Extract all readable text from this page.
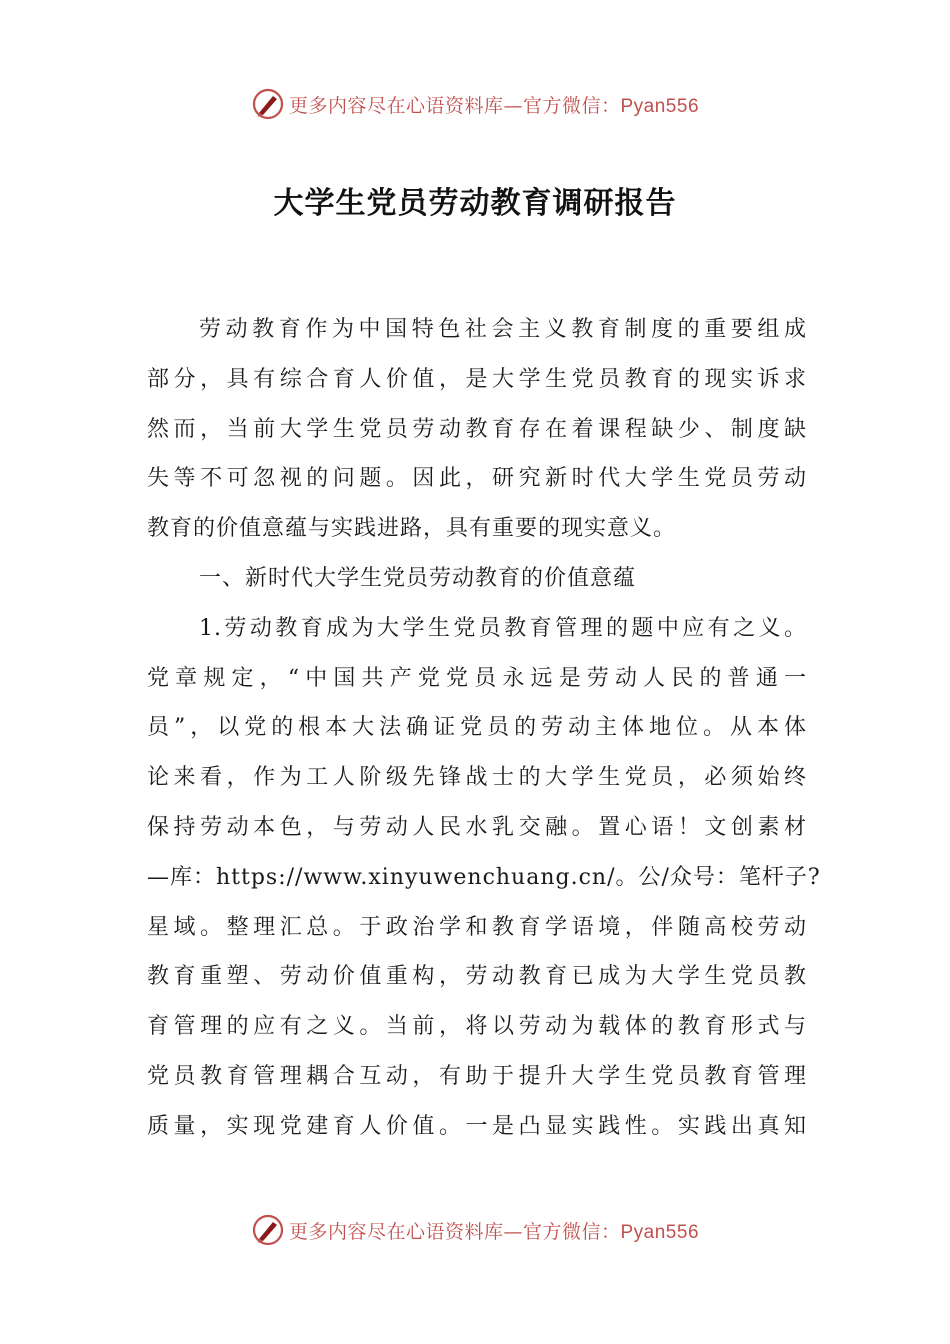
更多内容尽在心语资料库—官方微信：Pyan556
大学生党员劳动教育调研报告
劳动教育作为中国特色社会主义教育制度的重要组成
部分，具有综合育人价值，是大学生党员教育的现实诉求
然而，当前大学生党员劳动教育存在着课程缺少、制度缺
失等不可忽视的问题。因此，研究新时代大学生党员劳动
教育的价值意蕴与实践进路，具有重要的现实意义。
一、新时代大学生党员劳动教育的价值意蕴
1.劳动教育成为大学生党员教育管理的题中应有之义。
党章规定，“中国共产党党员永远是劳动人民的普通一
员”，以党的根本大法确证党员的劳动主体地位。从本体
论来看，作为工人阶级先锋战士的大学生党员，必须始终
保持劳动本色，与劳动人民水乳交融。置心语！文创素材
—库：https://www.xinyuwenchuang.cn/。公/众号：笔杆子?
星域。整理汇总。于政治学和教育学语境，伴随高校劳动
教育重塑、劳动价值重构，劳动教育已成为大学生党员教
育管理的应有之义。当前，将以劳动为载体的教育形式与
党员教育管理耦合互动，有助于提升大学生党员教育管理
质量，实现党建育人价值。一是凸显实践性。实践出真知
更多内容尽在心语资料库—官方微信：Pyan556
